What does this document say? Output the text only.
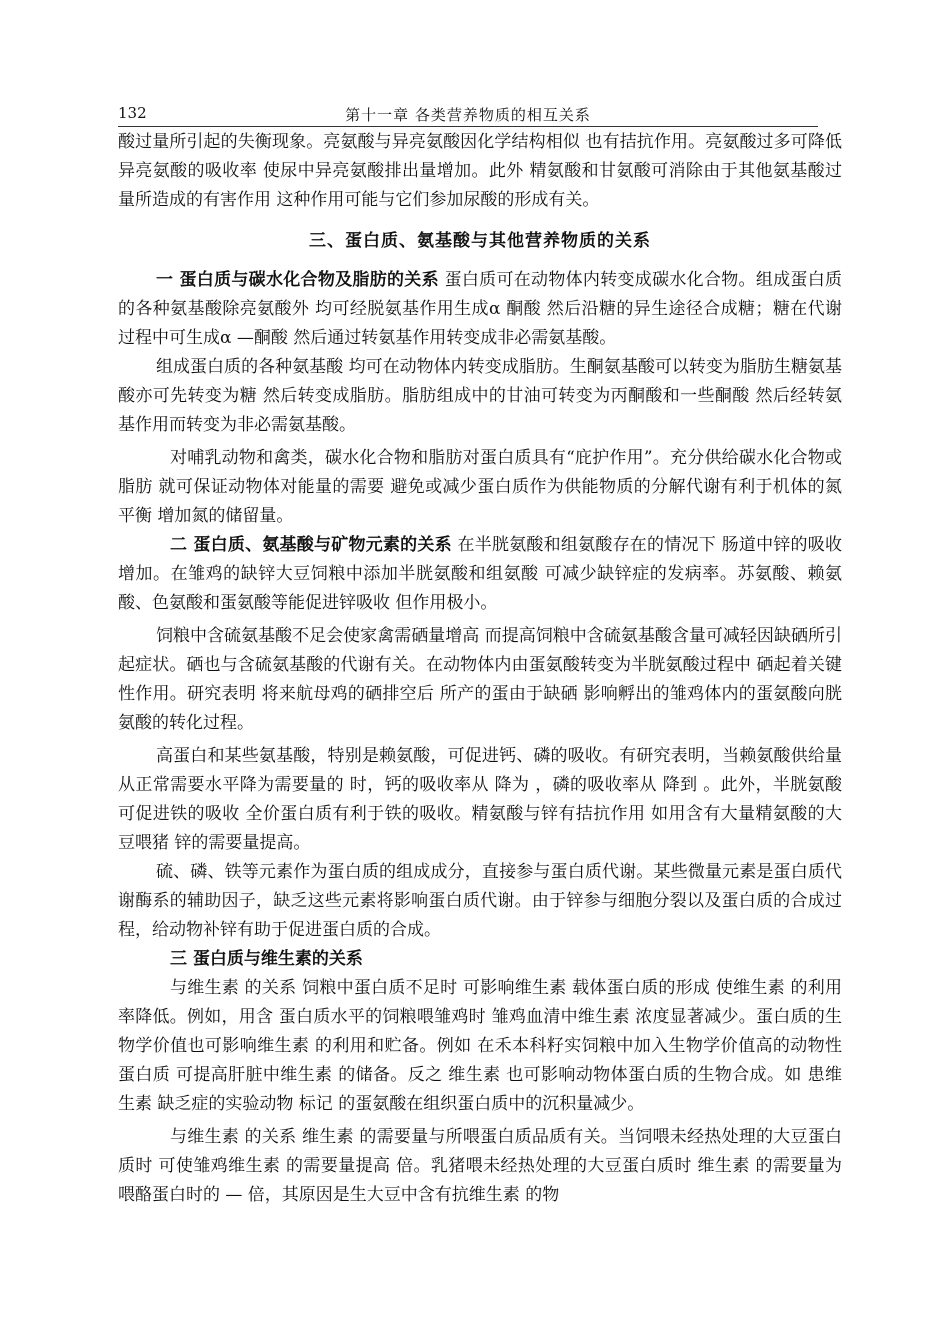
132	第十一章 各类营养物质的相互关系

酸过量所引起的失衡现象。亮氨酸与异亮氨酸因化学结构相似 也有拮抗作用。亮氨酸过多可降低异亮氨酸的吸收率 使尿中异亮氨酸排出量增加。此外 精氨酸和甘氨酸可消除由于其他氨基酸过量所造成的有害作用 这种作用可能与它们参加尿酸的形成有关。

三、蛋白质、氨基酸与其他营养物质的关系

一 蛋白质与碳水化合物及脂肪的关系 蛋白质可在动物体内转变成碳水化合物。组成蛋白质的各种氨基酸除亮氨酸外 均可经脱氨基作用生成α 酮酸 然后沿糖的异生途径合成糖；糖在代谢过程中可生成α —酮酸 然后通过转氨基作用转变成非必需氨基酸。

组成蛋白质的各种氨基酸 均可在动物体内转变成脂肪。生酮氨基酸可以转变为脂肪生糖氨基酸亦可先转变为糖 然后转变成脂肪。脂肪组成中的甘油可转变为丙酮酸和一些酮酸 然后经转氨基作用而转变为非必需氨基酸。

对哺乳动物和禽类，碳水化合物和脂肪对蛋白质具有“庇护作用”。充分供给碳水化合物或脂肪 就可保证动物体对能量的需要 避免或减少蛋白质作为供能物质的分解代谢有利于机体的氮平衡 增加氮的储留量。

二 蛋白质、氨基酸与矿物元素的关系 在半胱氨酸和组氨酸存在的情况下 肠道中锌的吸收增加。在雏鸡的缺锌大豆饲粮中添加半胱氨酸和组氨酸 可减少缺锌症的发病率。苏氨酸、赖氨酸、色氨酸和蛋氨酸等能促进锌吸收 但作用极小。

饲粮中含硫氨基酸不足会使家禽需硒量增高 而提高饲粮中含硫氨基酸含量可减轻因缺硒所引起症状。硒也与含硫氨基酸的代谢有关。在动物体内由蛋氨酸转变为半胱氨酸过程中 硒起着关键性作用。研究表明 将来航母鸡的硒排空后 所产的蛋由于缺硒 影响孵出的雏鸡体内的蛋氨酸向胱氨酸的转化过程。

高蛋白和某些氨基酸，特别是赖氨酸，可促进钙、磷的吸收。有研究表明，当赖氨酸供给量从正常需要水平降为需要量的 时，钙的吸收率从 降为 ，磷的吸收率从 降到 。此外，半胱氨酸可促进铁的吸收 全价蛋白质有利于铁的吸收。精氨酸与锌有拮抗作用 如用含有大量精氨酸的大豆喂猪 锌的需要量提高。

硫、磷、铁等元素作为蛋白质的组成成分，直接参与蛋白质代谢。某些微量元素是蛋白质代谢酶系的辅助因子，缺乏这些元素将影响蛋白质代谢。由于锌参与细胞分裂以及蛋白质的合成过程，给动物补锌有助于促进蛋白质的合成。

三 蛋白质与维生素的关系

与维生素 的关系 饲粮中蛋白质不足时 可影响维生素 载体蛋白质的形成 使维生素 的利用率降低。例如，用含 蛋白质水平的饲粮喂雏鸡时 雏鸡血清中维生素 浓度显著减少。蛋白质的生物学价值也可影响维生素 的利用和贮备。例如 在禾本科籽实饲粮中加入生物学价值高的动物性蛋白质 可提高肝脏中维生素 的储备。反之 维生素 也可影响动物体蛋白质的生物合成。如 患维生素 缺乏症的实验动物 标记 的蛋氨酸在组织蛋白质中的沉积量减少。

与维生素 的关系 维生素 的需要量与所喂蛋白质品质有关。当饲喂未经热处理的大豆蛋白质时 可使雏鸡维生素 的需要量提高 倍。乳猪喂未经热处理的大豆蛋白质时 维生素 的需要量为喂酪蛋白时的 — 倍，其原因是生大豆中含有抗维生素 的物
